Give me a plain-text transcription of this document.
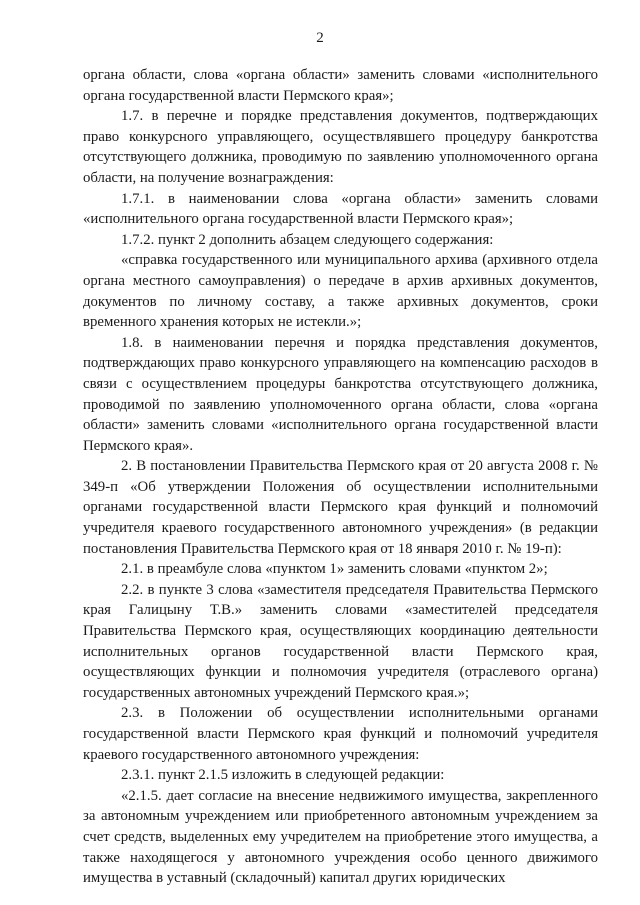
2

органа области, слова «органа области» заменить словами «исполнительного органа государственной власти Пермского края»;

1.7. в перечне и порядке представления документов, подтверждающих право конкурсного управляющего, осуществлявшего процедуру банкротства отсутствующего должника, проводимую по заявлению уполномоченного органа области, на получение вознаграждения:

1.7.1. в наименовании слова «органа области» заменить словами «исполнительного органа государственной власти Пермского края»;

1.7.2. пункт 2 дополнить абзацем следующего содержания:

«справка государственного или муниципального архива (архивного отдела органа местного самоуправления) о передаче в архив архивных документов, документов по личному составу, а также архивных документов, сроки временного хранения которых не истекли.»;

1.8. в наименовании перечня и порядка представления документов, подтверждающих право конкурсного управляющего на компенсацию расходов в связи с осуществлением процедуры банкротства отсутствующего должника, проводимой по заявлению уполномоченного органа области, слова «органа области» заменить словами «исполнительного органа государственной власти Пермского края».

2. В постановлении Правительства Пермского края от 20 августа 2008 г. № 349-п «Об утверждении Положения об осуществлении исполнительными органами государственной власти Пермского края функций и полномочий учредителя краевого государственного автономного учреждения» (в редакции постановления Правительства Пермского края от 18 января 2010 г. № 19-п):

2.1. в преамбуле слова «пунктом 1» заменить словами «пунктом 2»;

2.2. в пункте 3 слова «заместителя председателя Правительства Пермского края Галицыну Т.В.» заменить словами «заместителей председателя Правительства Пермского края, осуществляющих координацию деятельности исполнительных органов государственной власти Пермского края, осуществляющих функции и полномочия учредителя (отраслевого органа) государственных автономных учреждений Пермского края.»;

2.3. в Положении об осуществлении исполнительными органами государственной власти Пермского края функций и полномочий учредителя краевого государственного автономного учреждения:

2.3.1. пункт 2.1.5 изложить в следующей редакции:

«2.1.5. дает согласие на внесение недвижимого имущества, закрепленного за автономным учреждением или приобретенного автономным учреждением за счет средств, выделенных ему учредителем на приобретение этого имущества, а также находящегося у автономного учреждения особо ценного движимого имущества в уставный (складочный) капитал других юридических
